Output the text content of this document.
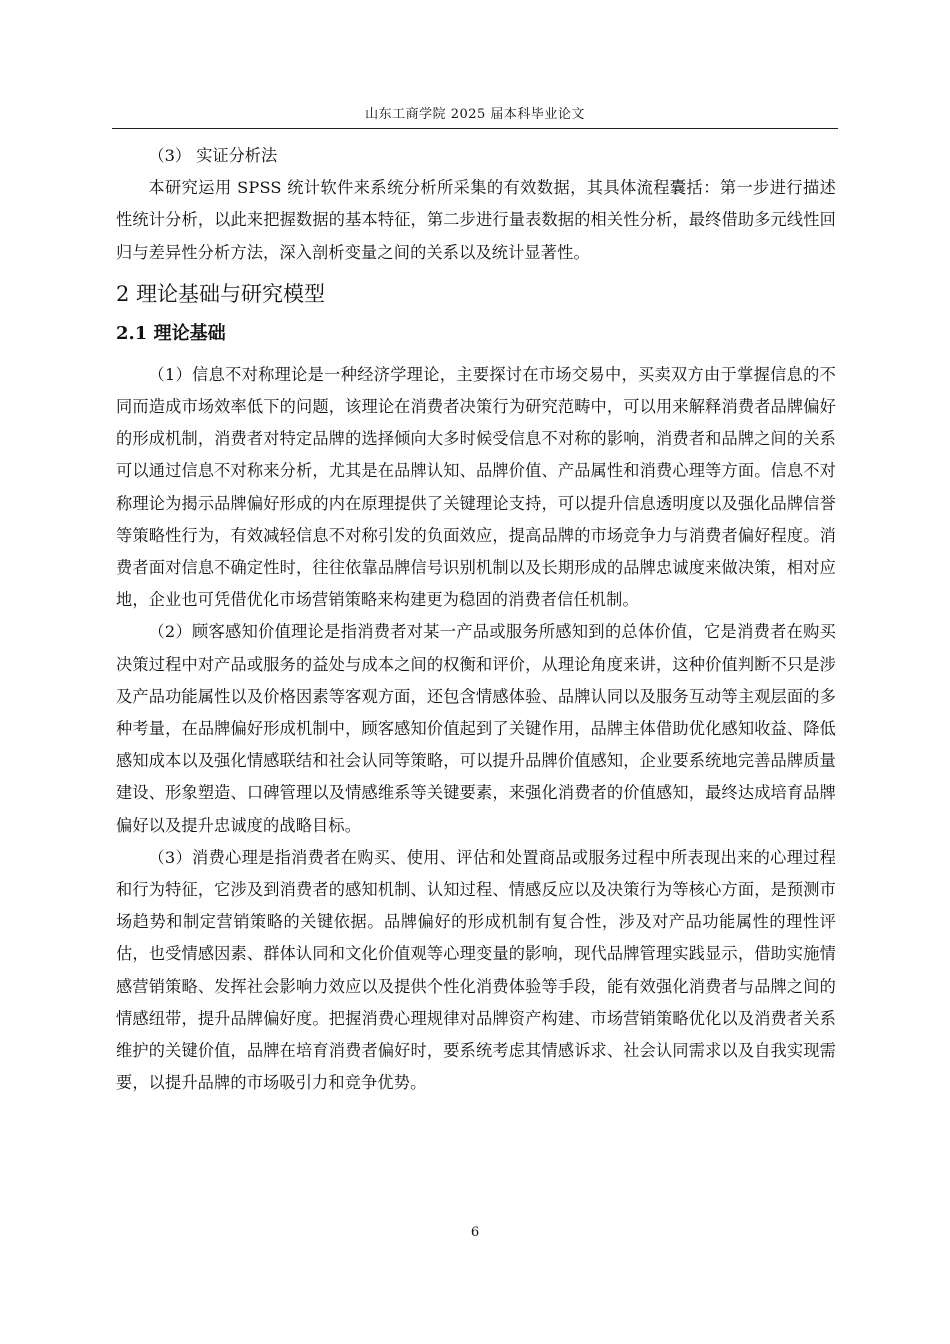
山东工商学院 2025 届本科毕业论文

（3） 实证分析法

本研究运用 SPSS 统计软件来系统分析所采集的有效数据，其具体流程囊括：第一步进行描述性统计分析，以此来把握数据的基本特征，第二步进行量表数据的相关性分析，最终借助多元线性回归与差异性分析方法，深入剖析变量之间的关系以及统计显著性。

2 理论基础与研究模型
2.1 理论基础

（1）信息不对称理论是一种经济学理论，主要探讨在市场交易中，买卖双方由于掌握信息的不同而造成市场效率低下的问题，该理论在消费者决策行为研究范畴中，可以用来解释消费者品牌偏好的形成机制，消费者对特定品牌的选择倾向大多时候受信息不对称的影响，消费者和品牌之间的关系可以通过信息不对称来分析，尤其是在品牌认知、品牌价值、产品属性和消费心理等方面。信息不对称理论为揭示品牌偏好形成的内在原理提供了关键理论支持，可以提升信息透明度以及强化品牌信誉等策略性行为，有效减轻信息不对称引发的负面效应，提高品牌的市场竞争力与消费者偏好程度。消费者面对信息不确定性时，往往依靠品牌信号识别机制以及长期形成的品牌忠诚度来做决策，相对应地，企业也可凭借优化市场营销策略来构建更为稳固的消费者信任机制。

（2）顾客感知价值理论是指消费者对某一产品或服务所感知到的总体价值，它是消费者在购买决策过程中对产品或服务的益处与成本之间的权衡和评价，从理论角度来讲，这种价值判断不只是涉及产品功能属性以及价格因素等客观方面，还包含情感体验、品牌认同以及服务互动等主观层面的多种考量，在品牌偏好形成机制中，顾客感知价值起到了关键作用，品牌主体借助优化感知收益、降低感知成本以及强化情感联结和社会认同等策略，可以提升品牌价值感知，企业要系统地完善品牌质量建设、形象塑造、口碑管理以及情感维系等关键要素，来强化消费者的价值感知，最终达成培育品牌偏好以及提升忠诚度的战略目标。

（3）消费心理是指消费者在购买、使用、评估和处置商品或服务过程中所表现出来的心理过程和行为特征，它涉及到消费者的感知机制、认知过程、情感反应以及决策行为等核心方面，是预测市场趋势和制定营销策略的关键依据。品牌偏好的形成机制有复合性，涉及对产品功能属性的理性评估，也受情感因素、群体认同和文化价值观等心理变量的影响，现代品牌管理实践显示，借助实施情感营销策略、发挥社会影响力效应以及提供个性化消费体验等手段，能有效强化消费者与品牌之间的情感纽带，提升品牌偏好度。把握消费心理规律对品牌资产构建、市场营销策略优化以及消费者关系维护的关键价值，品牌在培育消费者偏好时，要系统考虑其情感诉求、社会认同需求以及自我实现需要，以提升品牌的市场吸引力和竞争优势。

6
